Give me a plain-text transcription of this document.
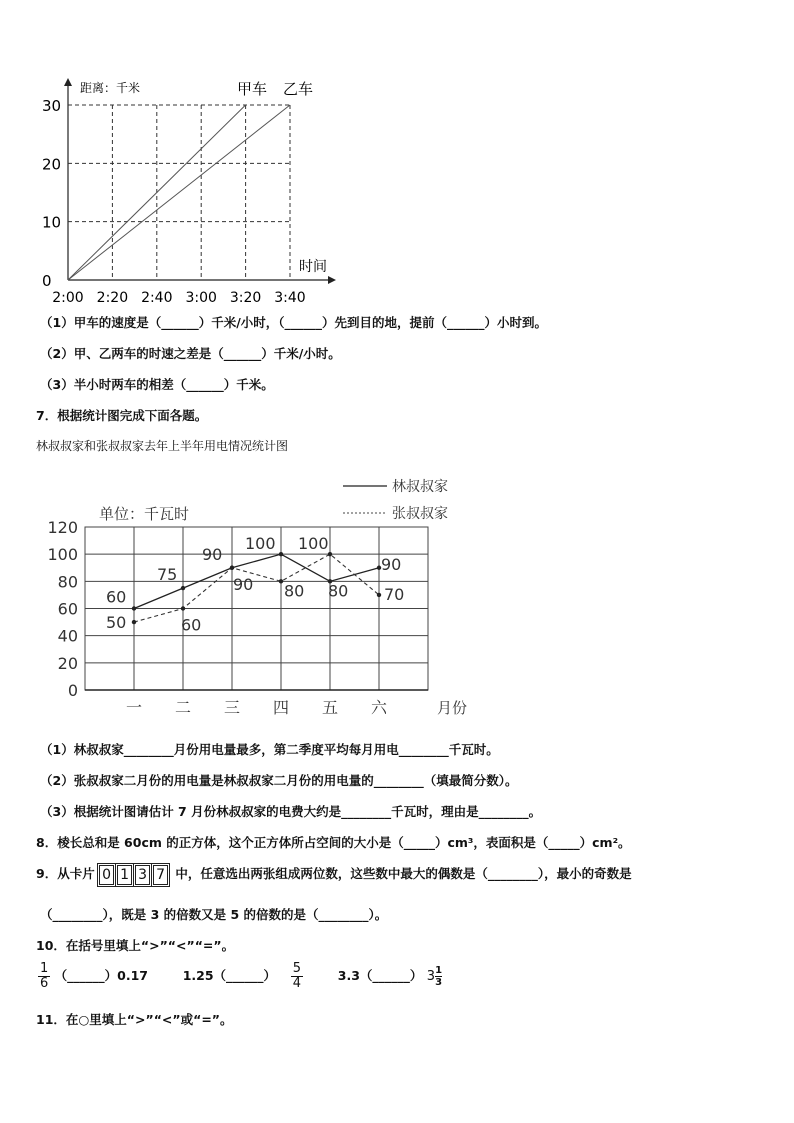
距离：千米
时间
甲车 乙车
30
20
10
0
2:00 2:20 2:40 3:00 3:20 3:40
（1）甲车的速度是（______）千米/小时，（______）先到目的地，提前（______）小时到。
（2）甲、乙两车的时速之差是（______）千米/小时。
（3）半小时两车的相差（______）千米。
7．根据统计图完成下面各题。
林叔叔家和张叔叔家去年上半年用电情况统计图
60
75
90
100
80
90
50	60
90 80
100
70
120
100
80
60
40
20
0
一 二 三 四 五 六
林叔叔家
张叔叔家
单位：千瓦时
月份
（1）林叔叔家________月份用电量最多，第二季度平均每月用电________千瓦时。
（2）张叔叔家二月份的用电量是林叔叔家二月份的用电量的________（填最简分数）。
（3）根据统计图请估计 7 月份林叔叔家的电费大约是________千瓦时，理由是________。
8．棱长总和是 60cm 的正方体，这个正方体所占空间的大小是（_____）cm³，表面积是（_____）cm²。
9．从卡片 0 1 3 7 中，任意选出两张组成两位数，这些数中最大的偶数是（________），最小的奇数是
（________），既是 3 的倍数又是 5 的倍数的是（________）。
10．在括号里填上“>”“<”“=”。
$\frac{1}{6}$ （______）0.17	1.25（______） $\frac{5}{4}$	3.3（______） $3 \frac{1}{3}$
11．在○里填上“>”“<”或“=”。
